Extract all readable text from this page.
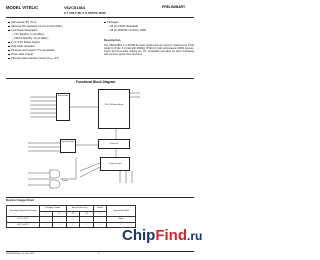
MODEL VITELIC	V62C51864	PRELIMINARY
2.7 VOLT 8K X 8 STATIC RAM
High-speed: 85, 70 ns
Ultra low DC operating current of 2mA (Max.)
Low Power Dissipation:
– TTL Standby: 1 mA (Max.)
– CMOS Standby: 10 µA (Max.)
2.7V–3.6V Power Supply
Fully static operation
All inputs and outputs TTL compatible
Three state outputs
Ultra low data retention current (Vₑₑ = 2V)
Packages
– 28-pin TSOP (Standard)
– 28-pin 300/330 mil SOIC, PDIP
Description
The V62C51864 is a 65,536-bit static random-access memory organized as 8,192 words by 8 bits. It is built with MODEL VITELIC's high performance CMOS process. Inputs and three-state outputs are TTL compatible and allow for direct interfacing with common system bus structures.
Functional Block Diagram
Row Decoder
256 x 256 Memory Array
Column I/O
Input Data Buffer
Column Decoder
Control
Device Usage Chart
Operating Temperature Range	Package Outline		Access Time (ns)		Power	Temperature Mark
	T	S	70	85	L	
0°C to 70°C	•	•	•	•	•	Blank
–40°C to 85°C	•	•	•	•	•	I
V62C51864 Rev. 0.1 June 1999	1
ChipFind.ru
